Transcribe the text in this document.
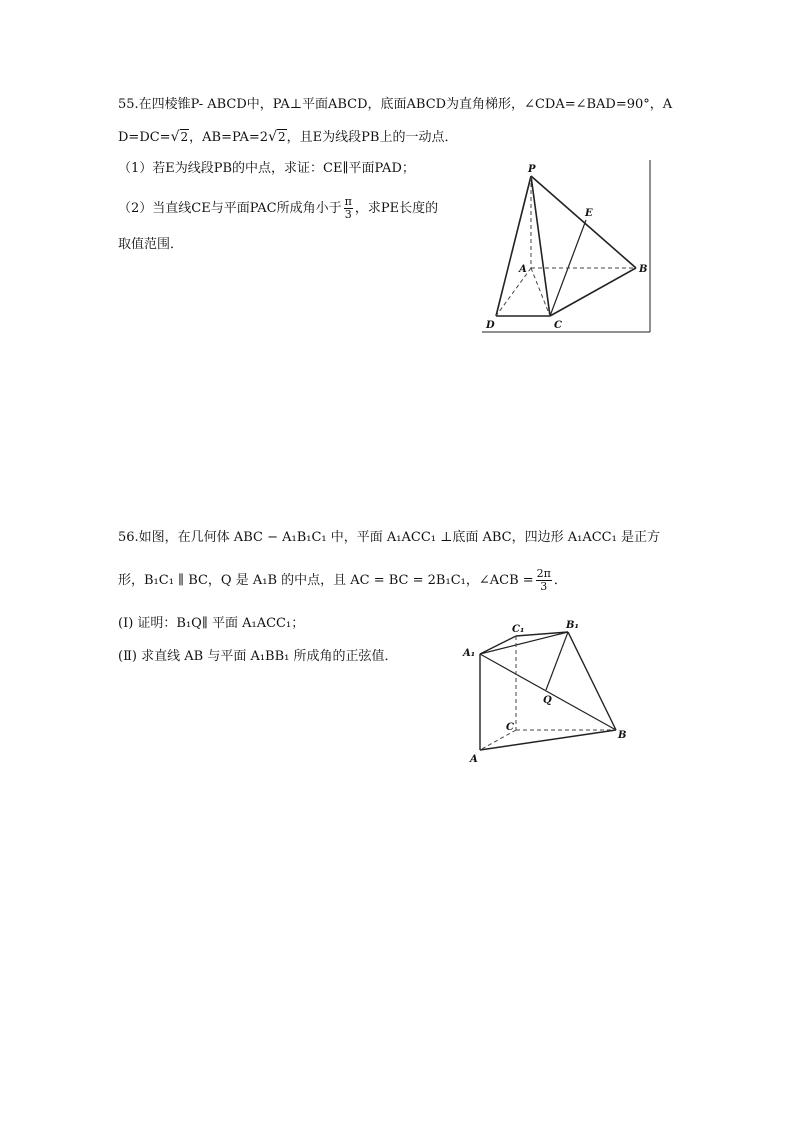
55.在四棱锥P- ABCD中，PA⊥平面ABCD，底面ABCD为直角梯形，∠CDA=∠BAD=90°，A
D=DC=√2，AB=PA=2√2，且E为线段PB上的一动点．
（1）若E为线段PB的中点，求证：CE∥平面PAD；
（2）当直线CE与平面PAC所成角小于 $\frac{\pi}{3}$ ，求PE长度的
取值范围．
P
E
A	B
D	C
56.如图，在几何体 ABC − A₁B₁C₁ 中，平面 A₁ACC₁ ⊥底面 ABC，四边形 A₁ACC₁ 是正方
形，B₁C₁ ∥ BC，Q 是 A₁B 的中点，且 AC = BC = 2B₁C₁，∠ACB = $\frac{2\pi}{3}$ ．
(Ⅰ) 证明：B₁Q∥ 平面 A₁ACC₁；
(Ⅱ) 求直线 AB 与平面 A₁BB₁ 所成角的正弦值．
C₁	B₁
A₁
Q
C
B
A
